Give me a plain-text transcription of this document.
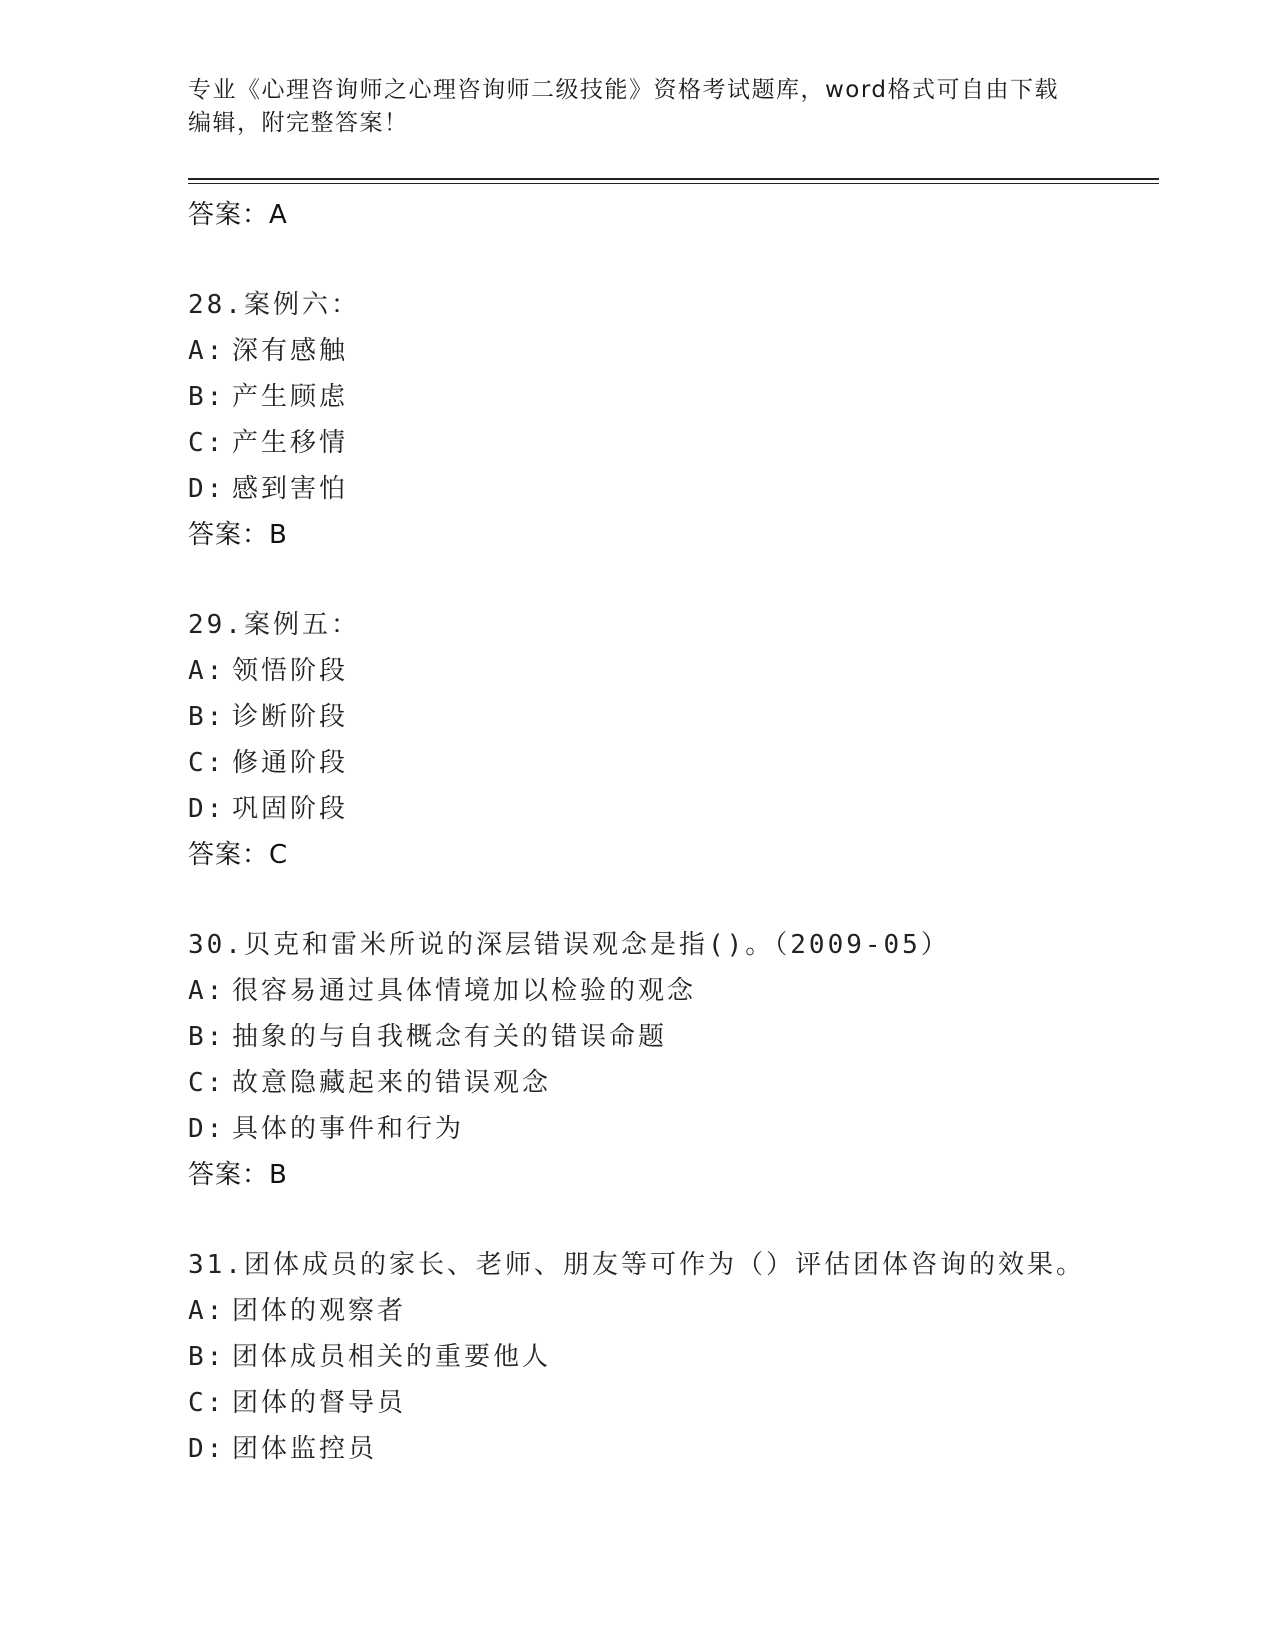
专业《心理咨询师之心理咨询师二级技能》资格考试题库，word格式可自由下载
编辑，附完整答案！
答案：A
28.案例六：
A: 深有感触
B: 产生顾虑
C: 产生移情
D: 感到害怕
答案：B
29.案例五：
A: 领悟阶段
B: 诊断阶段
C: 修通阶段
D: 巩固阶段
答案：C
30.贝克和雷米所说的深层错误观念是指()。（2009-05）
A: 很容易通过具体情境加以检验的观念
B: 抽象的与自我概念有关的错误命题
C: 故意隐藏起来的错误观念
D: 具体的事件和行为
答案：B
31.团体成员的家长、老师、朋友等可作为（）评估团体咨询的效果。
A: 团体的观察者
B: 团体成员相关的重要他人
C: 团体的督导员
D: 团体监控员
